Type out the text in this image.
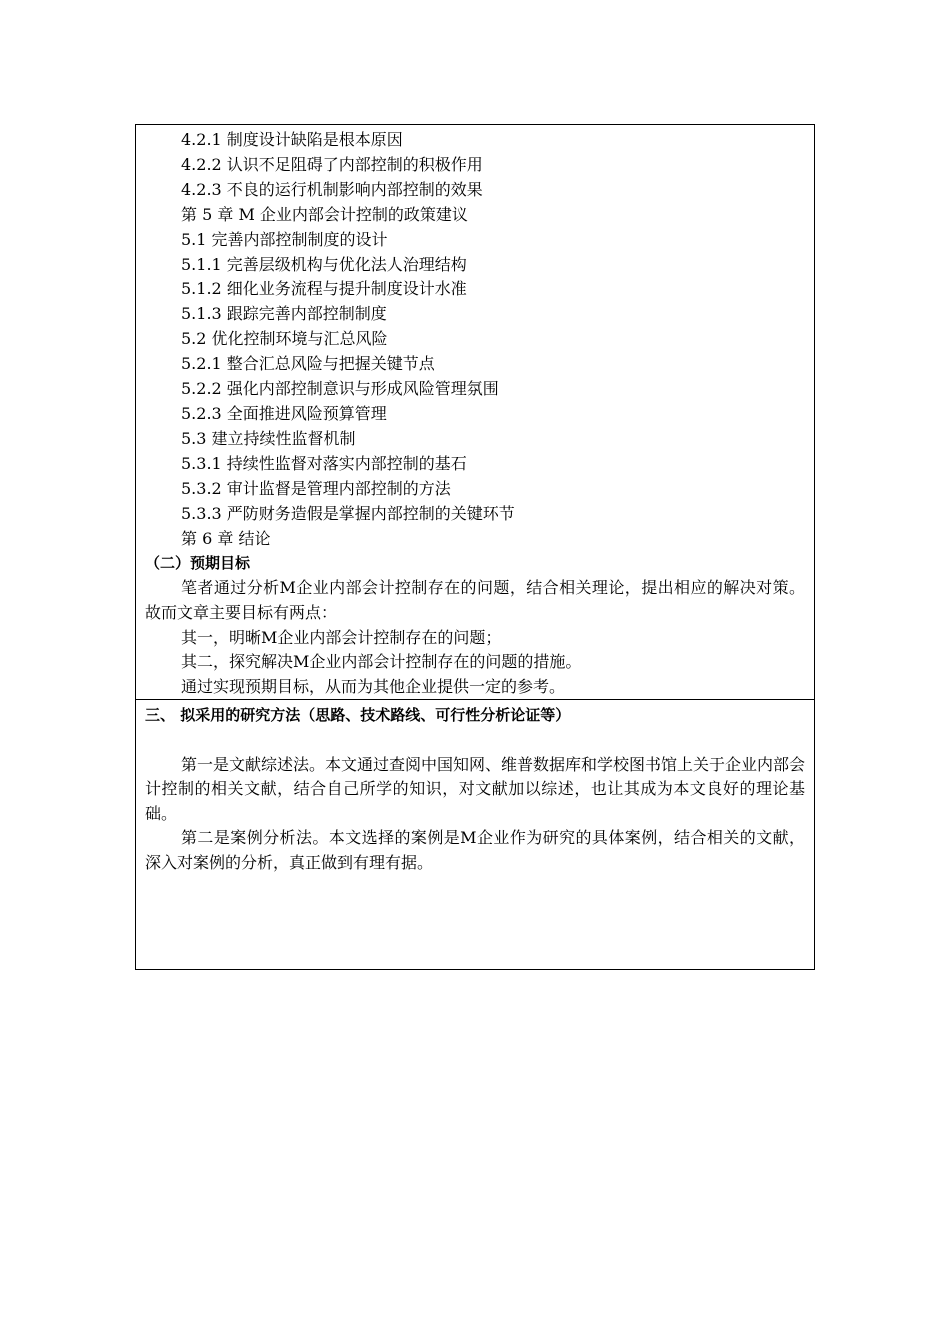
4.2.1 制度设计缺陷是根本原因
4.2.2 认识不足阻碍了内部控制的积极作用
4.2.3 不良的运行机制影响内部控制的效果
第 5 章 M 企业内部会计控制的政策建议
5.1 完善内部控制制度的设计
5.1.1 完善层级机构与优化法人治理结构
5.1.2 细化业务流程与提升制度设计水准
5.1.3 跟踪完善内部控制制度
5.2 优化控制环境与汇总风险
5.2.1 整合汇总风险与把握关键节点
5.2.2 强化内部控制意识与形成风险管理氛围
5.2.3 全面推进风险预算管理
5.3 建立持续性监督机制
5.3.1 持续性监督对落实内部控制的基石
5.3.2 审计监督是管理内部控制的方法
5.3.3 严防财务造假是掌握内部控制的关键环节
第 6 章 结论
（二）预期目标

笔者通过分析M企业内部会计控制存在的问题，结合相关理论，提出相应的解决对策。故而文章主要目标有两点：

其一，明晰M企业内部会计控制存在的问题；

其二，探究解决M企业内部会计控制存在的问题的措施。

通过实现预期目标，从而为其他企业提供一定的参考。

三、 拟采用的研究方法（思路、技术路线、可行性分析论证等）

第一是文献综述法。本文通过查阅中国知网、维普数据库和学校图书馆上关于企业内部会计控制的相关文献，结合自己所学的知识，对文献加以综述，也让其成为本文良好的理论基础。

第二是案例分析法。本文选择的案例是M企业作为研究的具体案例，结合相关的文献，深入对案例的分析，真正做到有理有据。
